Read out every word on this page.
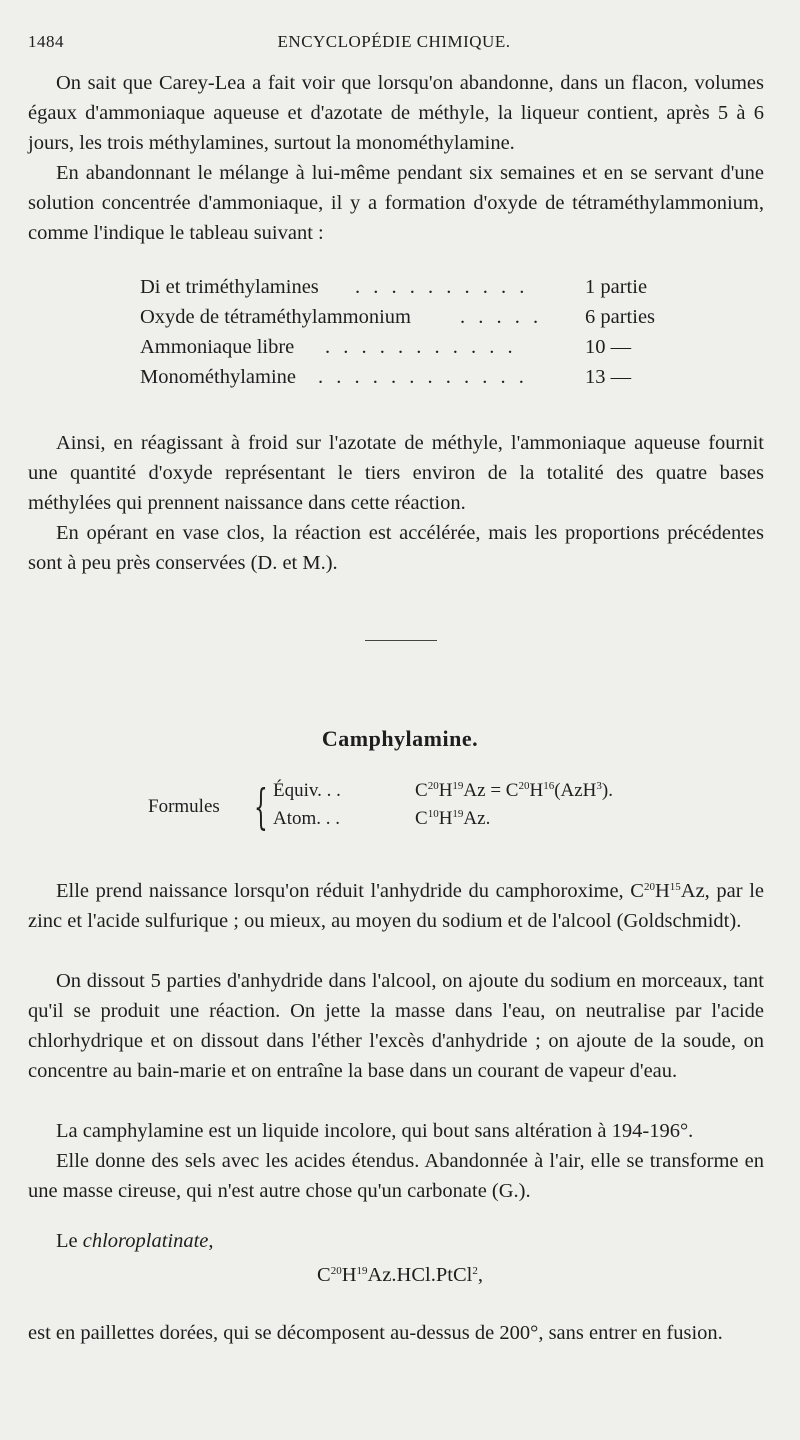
1484	ENCYCLOPÉDIE CHIMIQUE.

On sait que Carey-Lea a fait voir que lorsqu'on abandonne, dans un flacon, volumes égaux d'ammoniaque aqueuse et d'azotate de méthyle, la liqueur contient, après 5 à 6 jours, les trois méthylamines, surtout la monométhylamine.

En abandonnant le mélange à lui-même pendant six semaines et en se servant d'une solution concentrée d'ammoniaque, il y a formation d'oxyde de tétraméthylammonium, comme l'indique le tableau suivant :

Di et triméthylamines . . . . . . . . . .	1 partie
Oxyde de tétraméthylammonium . . . . . 6 parties
Ammoniaque libre . . . . . . . . . . .	10 —
Monométhylamine . . . . . . . . . . . .	13 —

Ainsi, en réagissant à froid sur l'azotate de méthyle, l'ammoniaque aqueuse fournit une quantité d'oxyde représentant le tiers environ de la totalité des quatre bases méthylées qui prennent naissance dans cette réaction.

En opérant en vase clos, la réaction est accélérée, mais les proportions précédentes sont à peu près conservées (D. et M.).

Camphylamine.
Formules { Équiv. . .	$C^{20}H^{19}Az = C^{20}H^{16}(AzH^3)$.
Atom. . .	$C^{10}H^{19}Az$.

Elle prend naissance lorsqu'on réduit l'anhydride du camphoroxime, $C^{20}H^{15}Az$, par le zinc et l'acide sulfurique ; ou mieux, au moyen du sodium et de l'alcool (Goldschmidt).

On dissout 5 parties d'anhydride dans l'alcool, on ajoute du sodium en morceaux, tant qu'il se produit une réaction. On jette la masse dans l'eau, on neutralise par l'acide chlorhydrique et on dissout dans l'éther l'excès d'anhydride ; on ajoute de la soude, on concentre au bain-marie et on entraîne la base dans un courant de vapeur d'eau.

La camphylamine est un liquide incolore, qui bout sans altération à 194-196°.

Elle donne des sels avec les acides étendus. Abandonnée à l'air, elle se transforme en une masse cireuse, qui n'est autre chose qu'un carbonate (G.).

Le chloroplatinate,

$C^{20}H^{19}Az.HCl.PtCl^2$,

est en paillettes dorées, qui se décomposent au-dessus de 200°, sans entrer en fusion.
